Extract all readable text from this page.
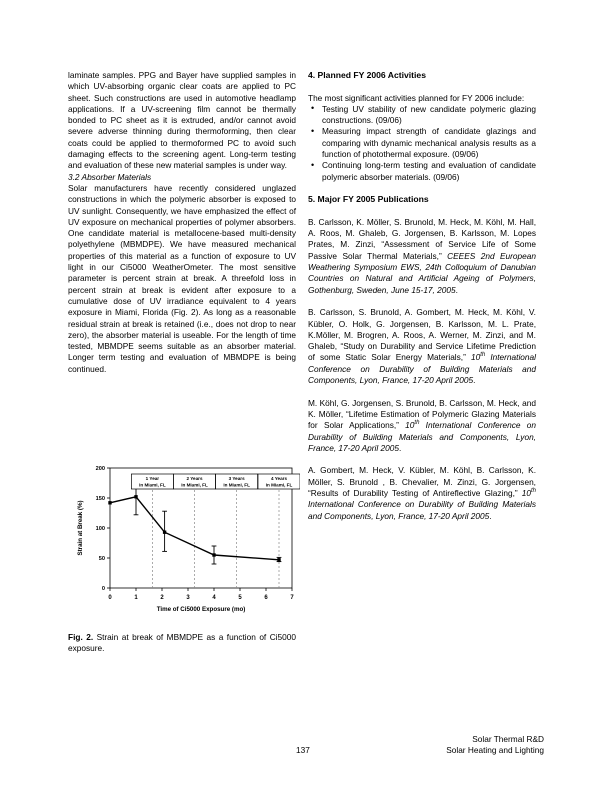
laminate samples. PPG and Bayer have supplied samples in which UV-absorbing organic clear coats are applied to PC sheet. Such constructions are used in automotive headlamp applications. If a UV-screening film cannot be thermally bonded to PC sheet as it is extruded, and/or cannot avoid severe adverse thinning during thermoforming, then clear coats could be applied to thermoformed PC to avoid such damaging effects to the screening agent. Long-term testing and evaluation of these new material samples is under way.

3.2 Absorber Materials

Solar manufacturers have recently considered unglazed constructions in which the polymeric absorber is exposed to UV sunlight. Consequently, we have emphasized the effect of UV exposure on mechanical properties of polymer absorbers. One candidate material is metallocene-based multi-density polyethylene (MBMDPE). We have measured mechanical properties of this material as a function of exposure to UV light in our Ci5000 WeatherOmeter. The most sensitive parameter is percent strain at break. A threefold loss in percent strain at break is evident after exposure to a cumulative dose of UV irradiance equivalent to 4 years exposure in Miami, Florida (Fig. 2). As long as a reasonable residual strain at break is retained (i.e., does not drop to near zero), the absorber material is useable. For the length of time tested, MBMDPE seems suitable as an absorber material. Longer term testing and evaluation of MBMDPE is being continued.

0
50
100
150
200
0	1	2	3	4	5	6	7
Time of Ci5000 Exposure (mo)
Strain at Break (%)
1 Year
in Miami, FL
2 Years
in Miami, FL
3 Years
in Miami, FL
4 Years
in Miami, FL
Fig. 2. Strain at break of MBMDPE as a function of Ci5000 exposure.
4. Planned FY 2006 Activities

The most significant activities planned for FY 2006 include:

• Testing UV stability of new candidate polymeric glazing constructions. (09/06)
• Measuring impact strength of candidate glazings and comparing with dynamic mechanical analysis results as a function of photothermal exposure. (09/06)
• Continuing long-term testing and evaluation of candidate polymeric absorber materials. (09/06)
5. Major FY 2005 Publications

B. Carlsson, K. Möller, S. Brunold, M. Heck, M. Köhl, M. Hall, A. Roos, M. Ghaleb, G. Jorgensen, B. Karlsson, M. Lopes Prates, M. Zinzi, “Assessment of Service Life of Some Passive Solar Thermal Materials,” CEEES 2nd European Weathering Symposium EWS, 24th Colloquium of Danubian Countries on Natural and Artificial Ageing of Polymers, Gothenburg, Sweden, June 15-17, 2005.

B. Carlsson, S. Brunold, A. Gombert, M. Heck, M. Köhl, V. Kübler, O. Holk, G. Jorgensen, B. Karlsson, M. L. Prate, K.Möller, M. Brogren, A. Roos, A. Werner, M. Zinzi, and M. Ghaleb, “Study on Durability and Service Lifetime Prediction of some Static Solar Energy Materials,” 10th International Conference on Durability of Building Materials and Components, Lyon, France, 17-20 April 2005.

M. Köhl, G. Jorgensen, S. Brunold, B. Carlsson, M. Heck, and K. Möller, “Lifetime Estimation of Polymeric Glazing Materials for Solar Applications,” 10th International Conference on Durability of Building Materials and Components, Lyon, France, 17-20 April 2005.

A. Gombert, M. Heck, V. Kübler, M. Köhl, B. Carlsson, K. Möller, S. Brunold , B. Chevalier, M. Zinzi, G. Jorgensen, “Results of Durability Testing of Antireflective Glazing,” 10th International Conference on Durability of Building Materials and Components, Lyon, France, 17-20 April 2005.

137
Solar Thermal R&D
Solar Heating and Lighting
